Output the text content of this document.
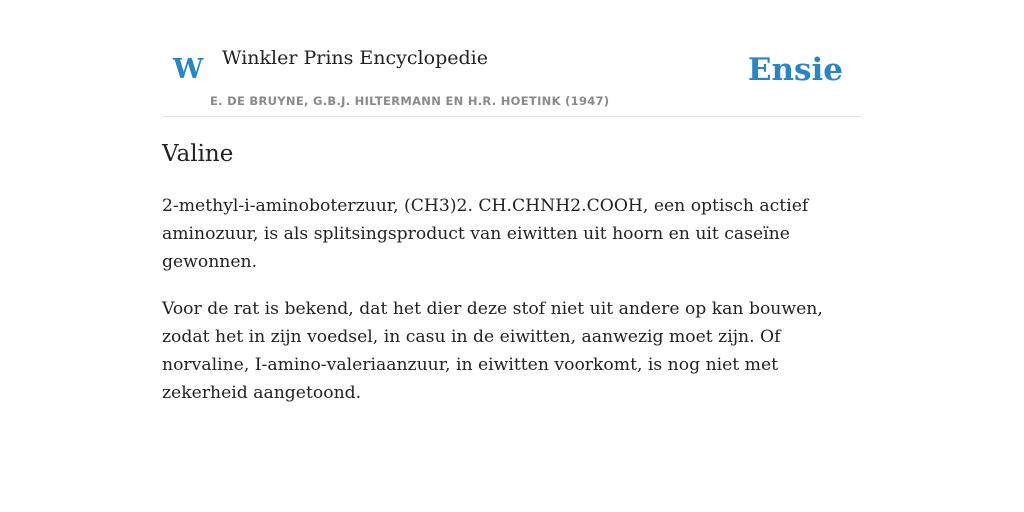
W Winkler Prins Encyclopedie
E. DE BRUYNE, G.B.J. HILTERMANN EN H.R. HOETINK (1947)
Ensie
Valine

2-methyl-i-aminoboterzuur, (CH3)2. CH.CHNH2.COOH, een optisch actief aminozuur, is als splitsingsproduct van eiwitten uit hoorn en uit caseïne gewonnen.

Voor de rat is bekend, dat het dier deze stof niet uit andere op kan bouwen, zodat het in zijn voedsel, in casu in de eiwitten, aanwezig moet zijn. Of norvaline, I-amino-valeriaanzuur, in eiwitten voorkomt, is nog niet met zekerheid aangetoond.
